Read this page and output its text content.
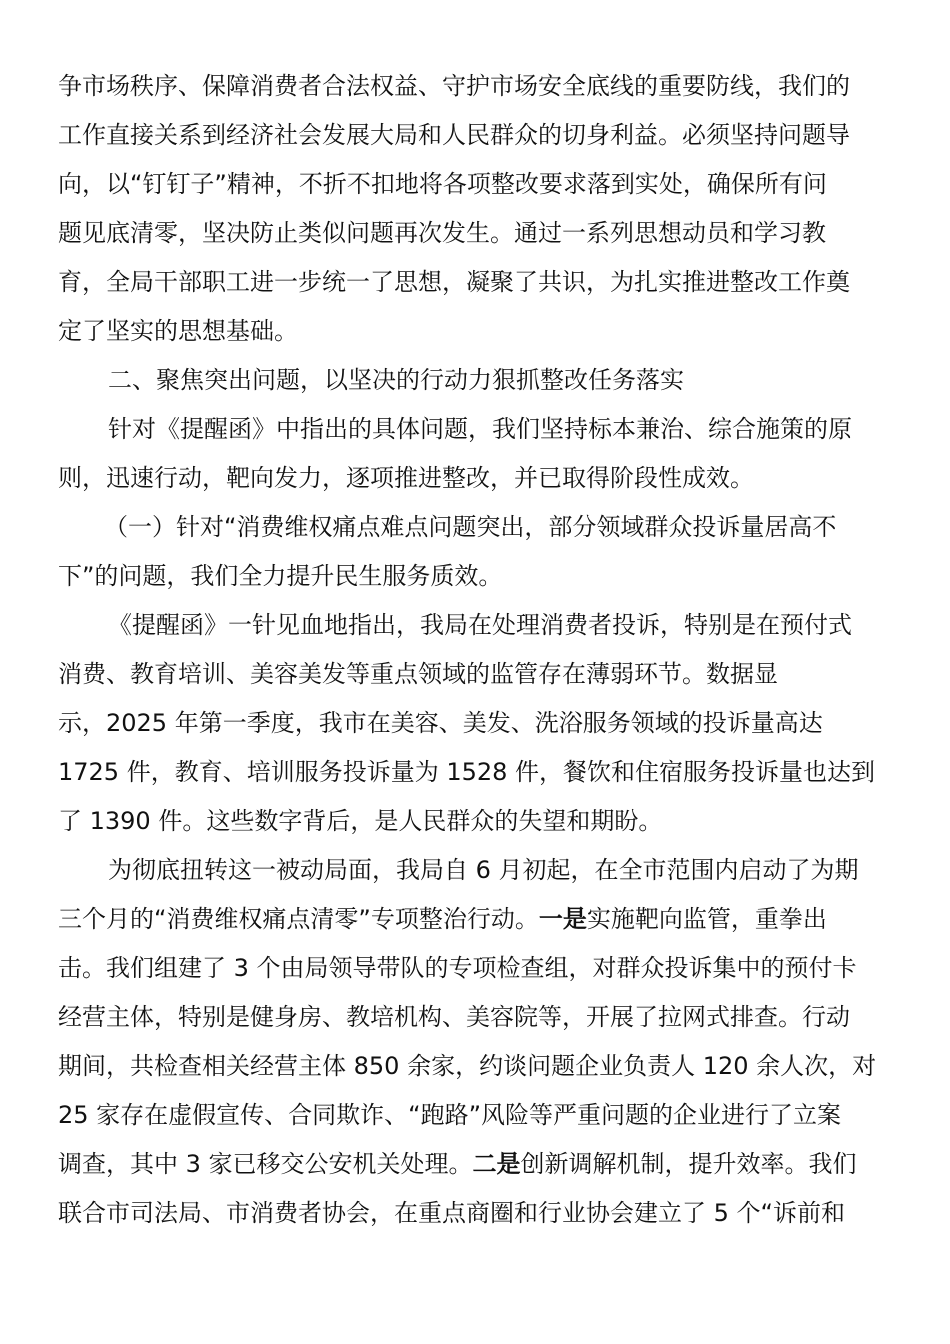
争市场秩序、保障消费者合法权益、守护市场安全底线的重要防线，我们的
工作直接关系到经济社会发展大局和人民群众的切身利益。必须坚持问题导
向，以“钉钉子”精神，不折不扣地将各项整改要求落到实处，确保所有问
题见底清零，坚决防止类似问题再次发生。通过一系列思想动员和学习教
育，全局干部职工进一步统一了思想，凝聚了共识，为扎实推进整改工作奠
定了坚实的思想基础。
二、聚焦突出问题，以坚决的行动力狠抓整改任务落实
针对《提醒函》中指出的具体问题，我们坚持标本兼治、综合施策的原
则，迅速行动，靶向发力，逐项推进整改，并已取得阶段性成效。
（一）针对“消费维权痛点难点问题突出，部分领域群众投诉量居高不
下”的问题，我们全力提升民生服务质效。
《提醒函》一针见血地指出，我局在处理消费者投诉，特别是在预付式
消费、教育培训、美容美发等重点领域的监管存在薄弱环节。数据显
示，2025 年第一季度，我市在美容、美发、洗浴服务领域的投诉量高达
1725 件，教育、培训服务投诉量为 1528 件，餐饮和住宿服务投诉量也达到
了 1390 件。这些数字背后，是人民群众的失望和期盼。
为彻底扭转这一被动局面，我局自 6 月初起，在全市范围内启动了为期
三个月的“消费维权痛点清零”专项整治行动。一是实施靶向监管，重拳出
击。我们组建了 3 个由局领导带队的专项检查组，对群众投诉集中的预付卡
经营主体，特别是健身房、教培机构、美容院等，开展了拉网式排查。行动
期间，共检查相关经营主体 850 余家，约谈问题企业负责人 120 余人次，对
25 家存在虚假宣传、合同欺诈、“跑路”风险等严重问题的企业进行了立案
调查，其中 3 家已移交公安机关处理。二是创新调解机制，提升效率。我们
联合市司法局、市消费者协会，在重点商圈和行业协会建立了 5 个“诉前和
